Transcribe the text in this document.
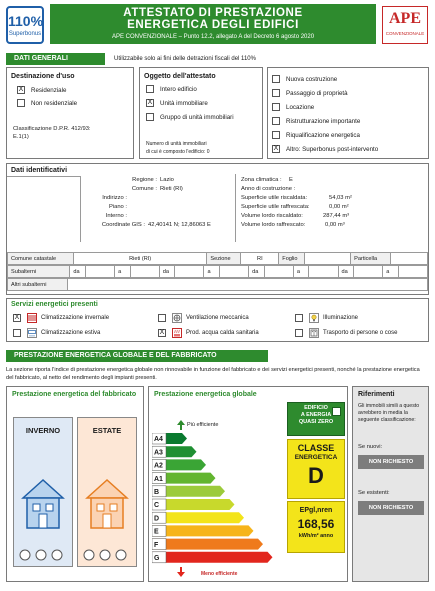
110%
Superbonus
ATTESTATO DI PRESTAZIONE
ENERGETICA DEGLI EDIFICI
APE CONVENZIONALE – Punto 12.2, allegato A del Decreto 6 agosto 2020
APE
CONVENZIONALE
DATI GENERALI	Utilizzabile solo ai fini delle detrazioni fiscali del 110%
Destinazione d'uso
X Residenziale
Non residenziale
Classificazione D.P.R. 412/93:
E.1(1)
Oggetto dell'attestato
Intero edificio
X Unità immobiliare
Gruppo di unità immobiliari
Numero di unità immobiliari
di cui è composto l'edificio: 0
Nuova costruzione
Passaggio di proprietà
Locazione
Ristrutturazione importante
Riqualificazione energetica
X Altro: Superbonus post-intervento
Dati identificativi
Regione : Lazio
Comune : Rieti (RI)
Indirizzo :
Piano :
Interno :
Coordinate GIS : 42,40141 N; 12,86063 E
Zona climatica : E
Anno di costruzione :
Superficie utile riscaldata:	54,03 m²
Superficie utile raffrescata:	0,00 m²
Volume lordo riscaldato:	287,44 m³
Volume lordo raffrescato:	0,00 m³
Comune catastale	Rieti (RI)	Sezione	RI	Foglio		Particella	
Subalterni	da		a		da		a		da		a		da		a	
Altri subalterni	
Servizi energetici presenti
X	Climatizzazione invernale	Ventilazione meccanica	Illuminazione
Climatizzazione estiva	X	Prod. acqua calda sanitaria	Trasporto di persone o cose
PRESTAZIONE ENERGETICA GLOBALE E DEL FABBRICATO
La sezione riporta l'indice di prestazione energetica globale non rinnovabile in funzione del fabbricato e dei servizi energetici presenti, nonché la prestazione energetica del fabbricato, al netto del rendimento degli impianti presenti.
Prestazione energetica del fabbricato
INVERNO	ESTATE
Prestazione energetica globale
Più efficiente
A4
A3
A2
A1
B
C
D
E
F
G
Meno efficiente
EDIFICIO
A ENERGIA
QUASI ZERO
CLASSE
ENERGETICA
D
EPgl,nren
168,56
kWh/m² anno
Riferimenti
Gli immobili simili a questo avrebbero in media la seguente classificazione:
Se nuovi:
NON RICHIESTO
Se esistenti:
NON RICHIESTO
